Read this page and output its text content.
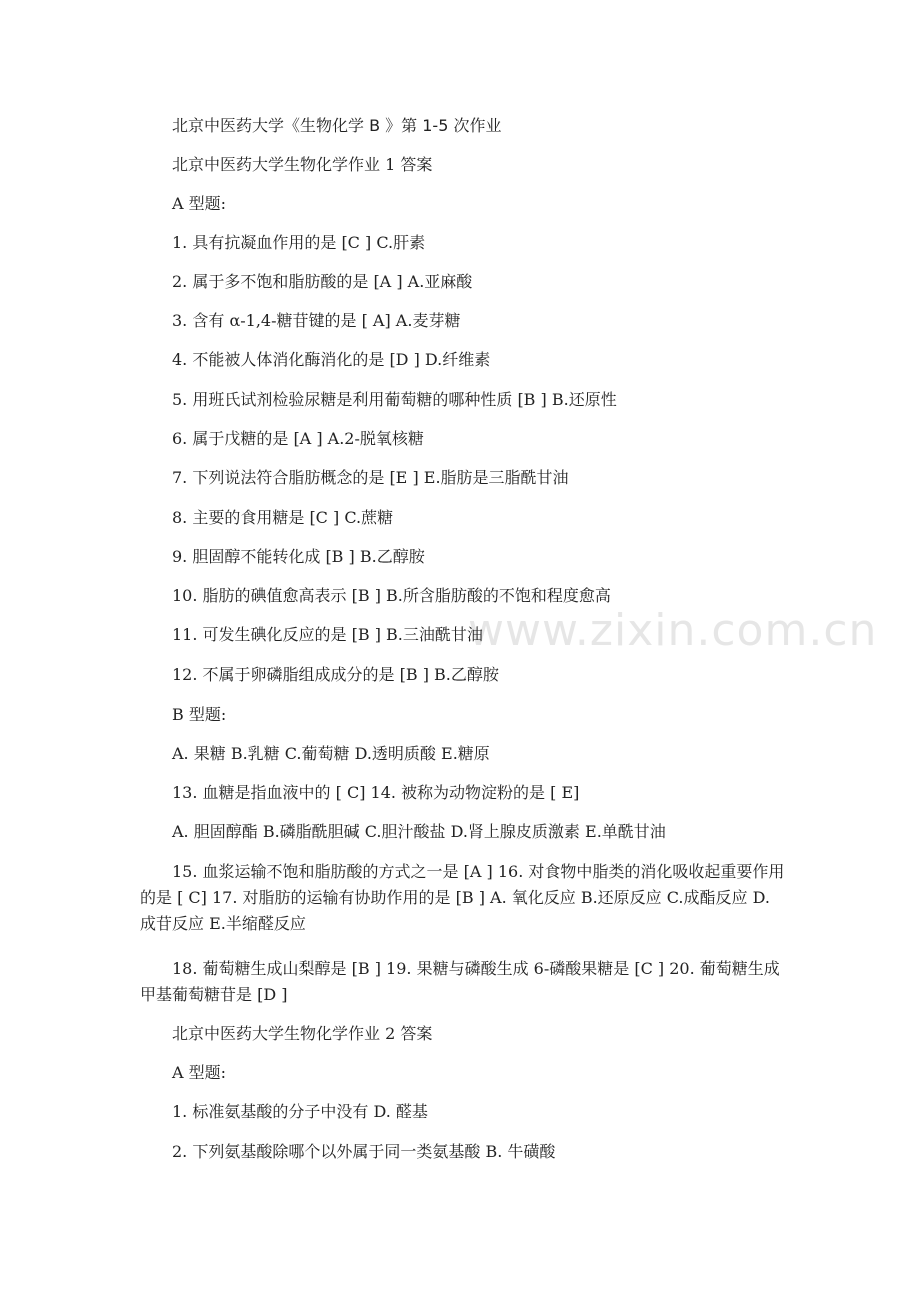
www.zixin.com.cn
北京中医药大学《生物化学 B 》第 1-5 次作业
北京中医药大学生物化学作业 1 答案
A 型题:
1. 具有抗凝血作用的是 [C ] C.肝素
2. 属于多不饱和脂肪酸的是 [A ] A.亚麻酸
3. 含有 α-1,4-糖苷键的是 [ A] A.麦芽糖
4. 不能被人体消化酶消化的是 [D ] D.纤维素
5. 用班氏试剂检验尿糖是利用葡萄糖的哪种性质 [B ] B.还原性
6. 属于戊糖的是 [A ] A.2-脱氧核糖
7. 下列说法符合脂肪概念的是 [E ] E.脂肪是三脂酰甘油
8. 主要的食用糖是 [C ] C.蔗糖
9. 胆固醇不能转化成 [B ] B.乙醇胺
10. 脂肪的碘值愈高表示 [B ] B.所含脂肪酸的不饱和程度愈高
11. 可发生碘化反应的是 [B ] B.三油酰甘油
12. 不属于卵磷脂组成成分的是 [B ] B.乙醇胺
B 型题:
A. 果糖 B.乳糖 C.葡萄糖 D.透明质酸 E.糖原
13. 血糖是指血液中的 [ C] 14. 被称为动物淀粉的是 [ E]
A. 胆固醇酯 B.磷脂酰胆碱 C.胆汁酸盐 D.肾上腺皮质激素 E.单酰甘油
15. 血浆运输不饱和脂肪酸的方式之一是 [A ] 16. 对食物中脂类的消化吸收起重要作用的是 [ C] 17. 对脂肪的运输有协助作用的是 [B ] A. 氧化反应 B.还原反应 C.成酯反应 D.成苷反应 E.半缩醛反应
18. 葡萄糖生成山梨醇是 [B ] 19. 果糖与磷酸生成 6-磷酸果糖是 [C ] 20. 葡萄糖生成甲基葡萄糖苷是 [D ]
北京中医药大学生物化学作业 2 答案
A 型题:
1. 标准氨基酸的分子中没有 D. 醛基
2. 下列氨基酸除哪个以外属于同一类氨基酸 B. 牛磺酸
